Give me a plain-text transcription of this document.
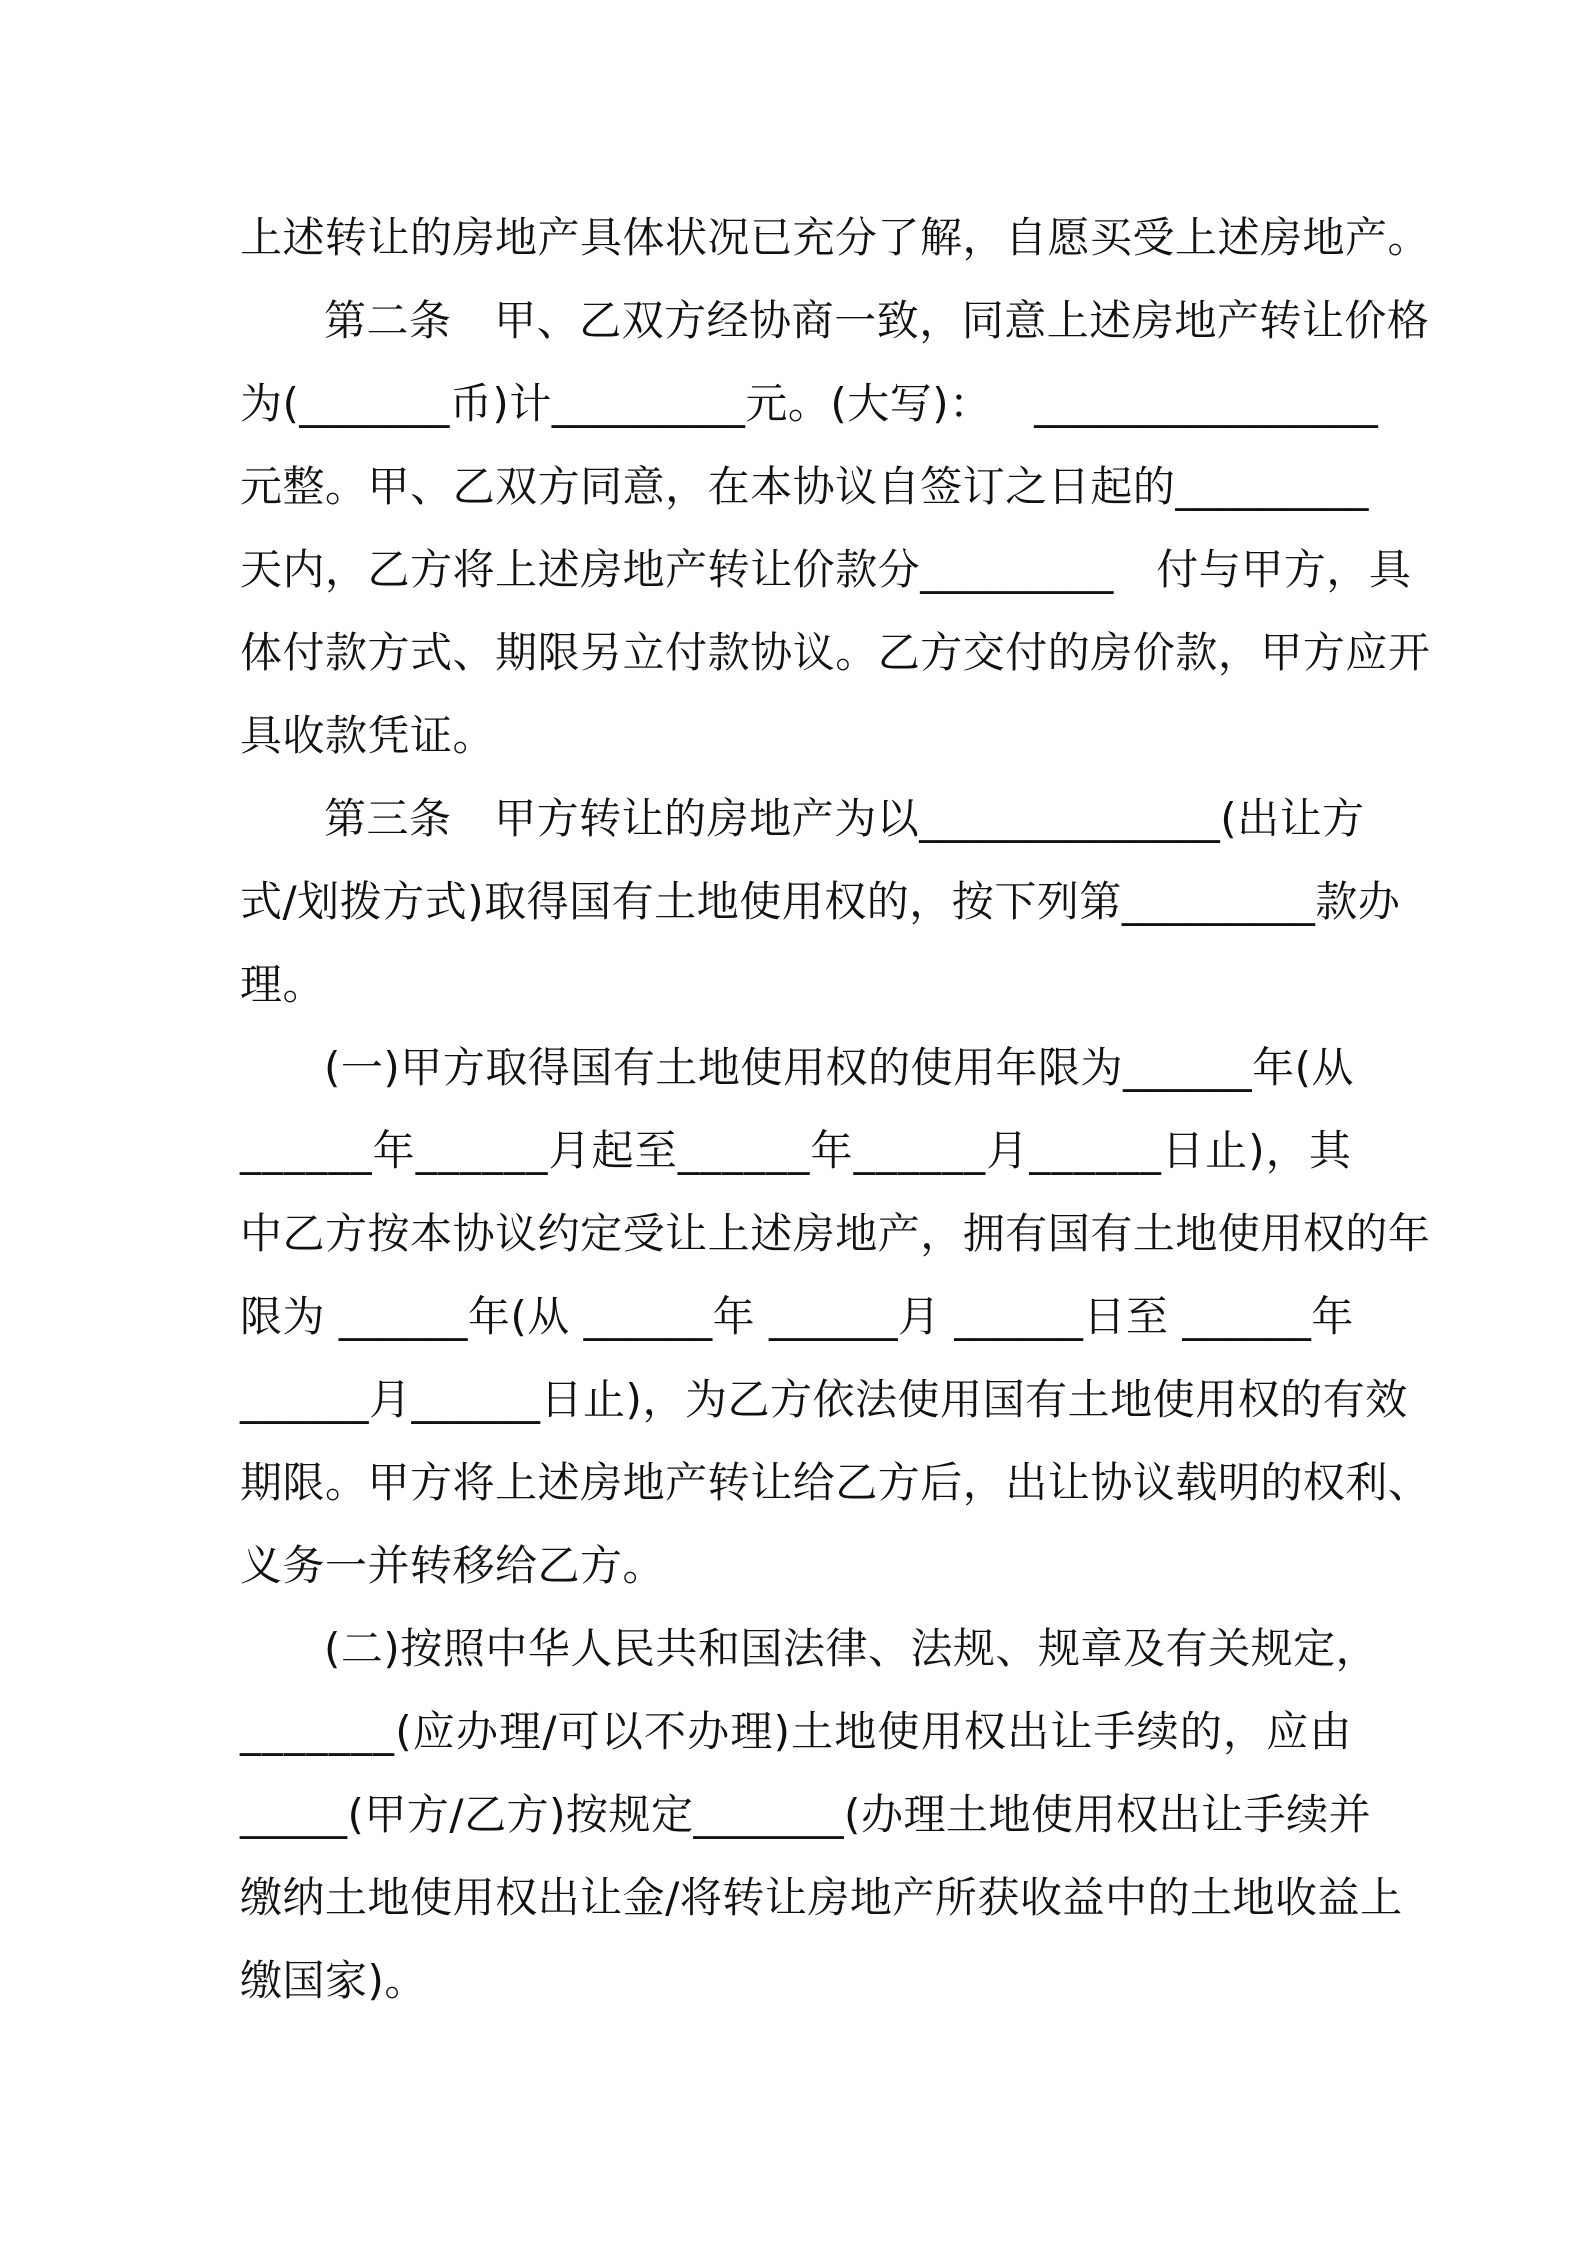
上述转让的房地产具体状况已充分了解，自愿买受上述房地产。
第 二 条
　 甲 、 乙 双 方 经 协 商 一 致 ， 同 意 上 述 房 地 产 转 让 价 格
为 ( _ _ _ _ _ _ _ 币 ) 计 _ _ _ _ _ _ _ _ _ 元 。 ( 大 写 ) ：
　 _ _ _ _ _ _ _ _ _ _ _ _ _ _ _ _
元 整 。 甲 、 乙 双 方 同 意 ， 在 本 协 议 自 签 订 之 日 起 的 _ _ _ _ _ _ _ _ _
天 内 ， 乙 方 将 上 述 房 地 产 转 让 价 款 分 _ _ _ _ _ _ _ _ _
　 付 与 甲 方 ， 具
体 付 款 方 式 、 期 限 另 立 付 款 协 议 。 乙 方 交 付 的 房 价 款 ， 甲 方 应 开
具收款凭证。
第 三 条
　 甲 方 转 让 的 房 地 产 为 以 _ _ _ _ _ _ _ _ _ _ _ _ _ _ ( 出 让 方
式 / 划 拨 方 式 ) 取 得 国 有 土 地 使 用 权 的 ， 按 下 列 第 _ _ _ _ _ _ _ _ _ 款 办
理。
( 一 ) 甲 方 取 得 国 有 土 地 使 用 权 的 使 用 年 限 为 _ _ _ _ _ _ 年 ( 从
_ _ _ _ _ _ 年 _ _ _ _ _ _ 月 起 至 _ _ _ _ _ _ 年 _ _ _ _ _ _ 月 _ _ _ _ _ _ 日 止 ) ， 其
中 乙 方 按 本 协 议 约 定 受 让 上 述 房 地 产 ， 拥 有 国 有 土 地 使 用 权 的 年
限 为
_ _ _ _ _ _ 年 ( 从
_ _ _ _ _ _ 年
_ _ _ _ _ _ 月
_ _ _ _ _ _ 日 至
_ _ _ _ _ _ 年
_ _ _ _ _ _ 月 _ _ _ _ _ _ 日 止 ) ， 为 乙 方 依 法 使 用 国 有 土 地 使 用 权 的 有 效
期 限 。 甲 方 将 上 述 房 地 产 转 让 给 乙 方 后 ， 出 让 协 议 载 明 的 权 利 、
义务一并转移给乙方。
( 二 ) 按 照 中 华 人 民 共 和 国 法 律 、 法 规 、 规 章 及 有 关 规 定 ，
_ _ _ _ _ _ _ ( 应 办 理 / 可 以 不 办 理 ) 土 地 使 用 权 出 让 手 续 的 ， 应 由
_ _ _ _ _ ( 甲 方 / 乙 方 ) 按 规 定 _ _ _ _ _ _ _ ( 办 理 土 地 使 用 权 出 让 手 续 并
缴 纳 土 地 使 用 权 出 让 金 / 将 转 让 房 地 产 所 获 收 益 中 的 土 地 收 益 上
缴国家)。
